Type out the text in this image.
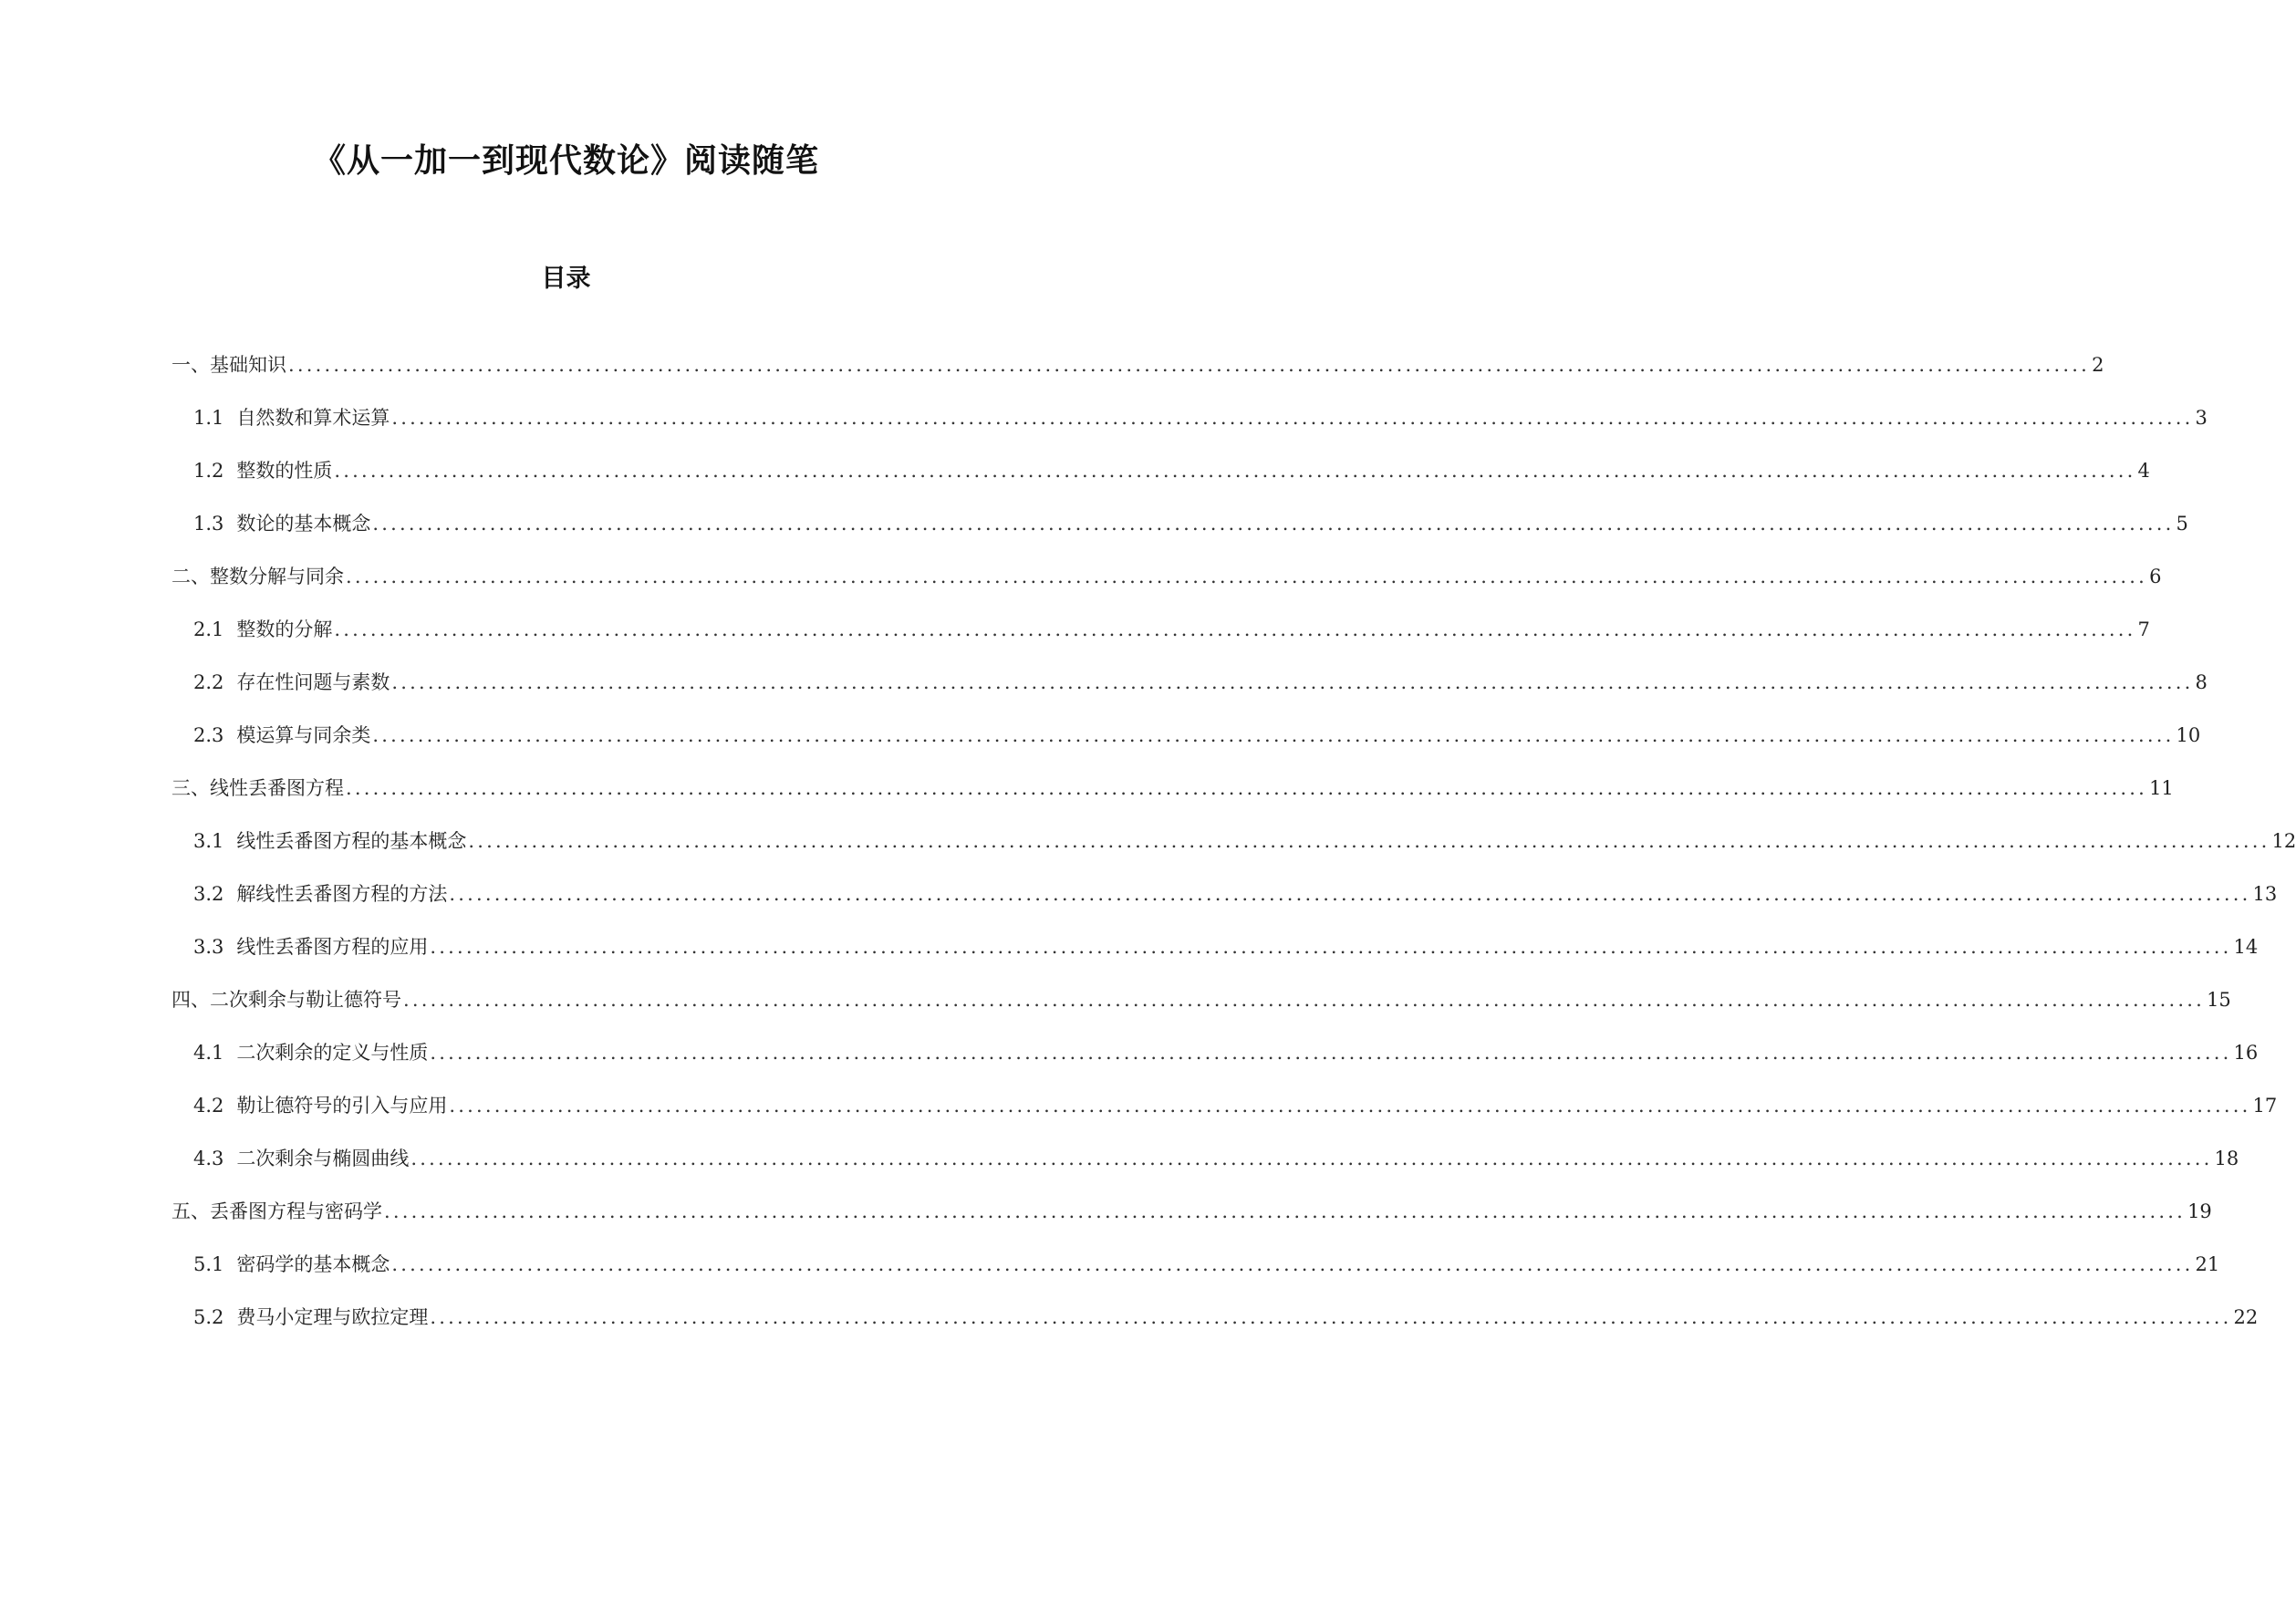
《从一加一到现代数论》阅读随笔
目录
一、基础知识 ........................................................................................................................................................................................................ 2
1.1 自然数和算术运算 ........................................................................................................................................................................................................ 3
1.2 整数的性质 ........................................................................................................................................................................................................ 4
1.3 数论的基本概念 ........................................................................................................................................................................................................ 5
二、整数分解与同余 ........................................................................................................................................................................................................ 6
2.1 整数的分解 ........................................................................................................................................................................................................ 7
2.2 存在性问题与素数 ........................................................................................................................................................................................................ 8
2.3 模运算与同余类 ........................................................................................................................................................................................................ 10
三、线性丢番图方程 ........................................................................................................................................................................................................ 11
3.1 线性丢番图方程的基本概念 ........................................................................................................................................................................................................ 12
3.2 解线性丢番图方程的方法 ........................................................................................................................................................................................................ 13
3.3 线性丢番图方程的应用 ........................................................................................................................................................................................................ 14
四、二次剩余与勒让德符号 ........................................................................................................................................................................................................ 15
4.1 二次剩余的定义与性质 ........................................................................................................................................................................................................ 16
4.2 勒让德符号的引入与应用 ........................................................................................................................................................................................................ 17
4.3 二次剩余与椭圆曲线 ........................................................................................................................................................................................................ 18
五、丢番图方程与密码学 ........................................................................................................................................................................................................ 19
5.1 密码学的基本概念 ........................................................................................................................................................................................................ 21
5.2 费马小定理与欧拉定理 ........................................................................................................................................................................................................ 22
